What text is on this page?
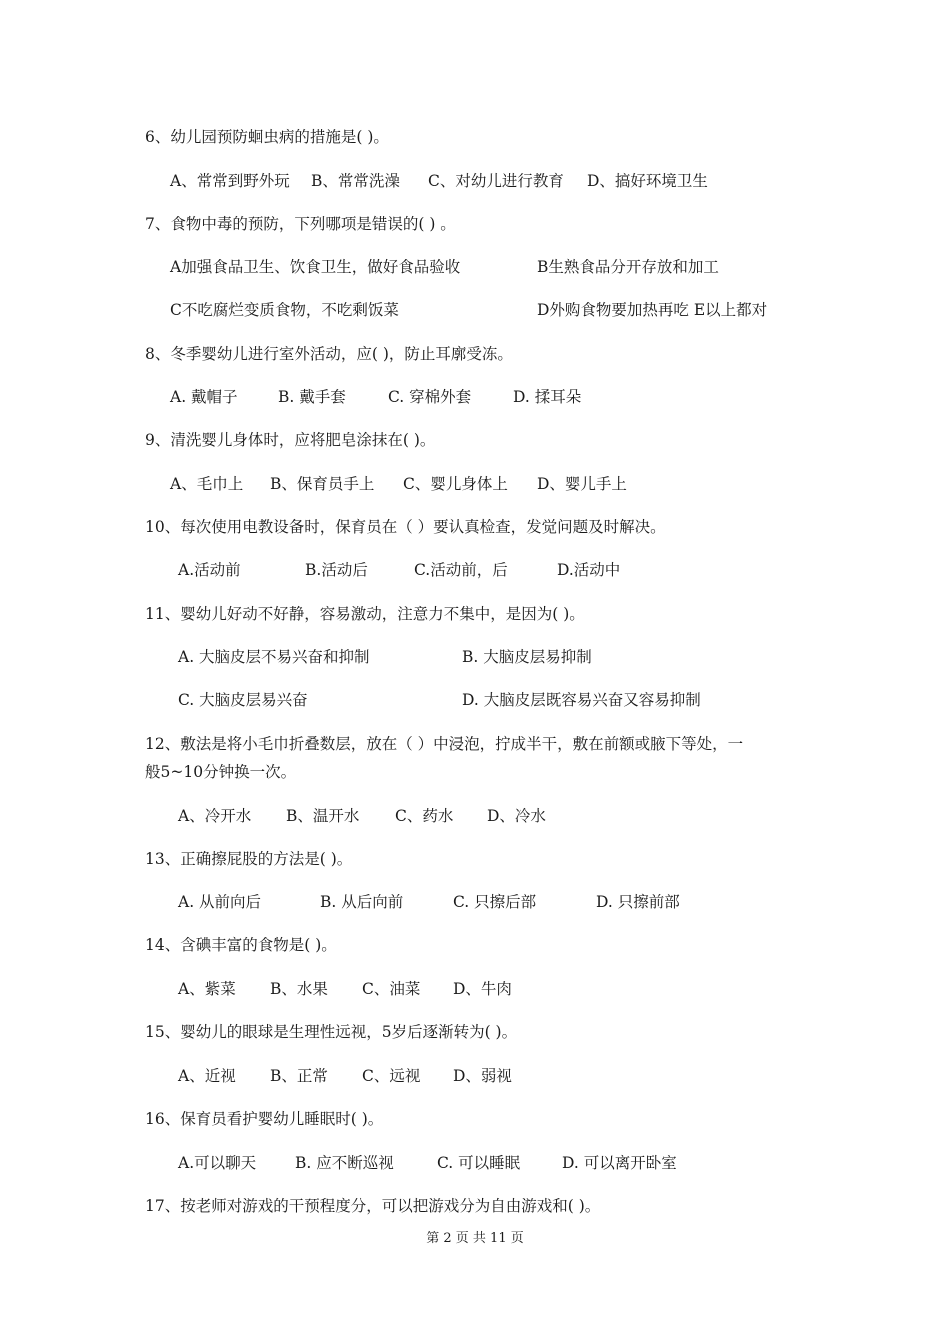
6、幼儿园预防蛔虫病的措施是( )。
A、常常到野外玩 B、常常洗澡 C、对幼儿进行教育 D、搞好环境卫生
7、食物中毒的预防，下列哪项是错误的( ) 。
A加强食品卫生、饮食卫生，做好食品验收	B生熟食品分开存放和加工
C不吃腐烂变质食物，不吃剩饭菜	D外购食物要加热再吃 E以上都对
8、冬季婴幼儿进行室外活动，应( )，防止耳廓受冻。
A. 戴帽子	B. 戴手套	C. 穿棉外套	D. 揉耳朵
9、清洗婴儿身体时，应将肥皂涂抹在( )。
A、毛巾上 B、保育员手上 C、婴儿身体上 D、婴儿手上
10、每次使用电教设备时，保育员在（ ）要认真检查，发觉问题及时解决。
A.活动前	B.活动后	C.活动前，后	D.活动中
11、婴幼儿好动不好静，容易激动，注意力不集中，是因为( )。
A. 大脑皮层不易兴奋和抑制	B. 大脑皮层易抑制
C. 大脑皮层易兴奋	D. 大脑皮层既容易兴奋又容易抑制
12、敷法是将小毛巾折叠数层，放在（ ）中浸泡，拧成半干，敷在前额或腋下等处，一
般5~10分钟换一次。
A、冷开水 B、温开水 C、药水 D、冷水
13、正确擦屁股的方法是( )。
A. 从前向后	B. 从后向前	C. 只擦后部	D. 只擦前部
14、含碘丰富的食物是( )。
A、紫菜 B、水果 C、油菜 D、牛肉
15、婴幼儿的眼球是生理性远视，5岁后逐渐转为( )。
A、近视 B、正常 C、远视 D、弱视
16、保育员看护婴幼儿睡眠时( )。
A.可以聊天	B. 应不断巡视	C. 可以睡眠	D. 可以离开卧室
17、按老师对游戏的干预程度分，可以把游戏分为自由游戏和( )。
第 2 页 共 11 页
